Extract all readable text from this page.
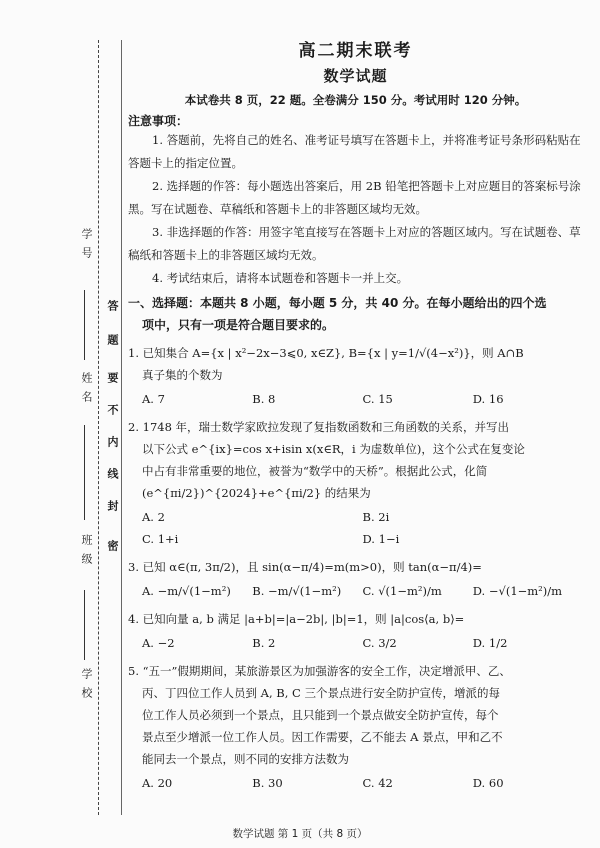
学号
姓名
班级
学校
答
题
要
不
内
线
封
密
高二期末联考
数学试题
本试卷共 8 页，22 题。全卷满分 150 分。考试用时 120 分钟。
注意事项：

1. 答题前，先将自己的姓名、准考证号填写在答题卡上，并将准考证号条形码粘贴在答题卡上的指定位置。

2. 选择题的作答：每小题选出答案后，用 2B 铅笔把答题卡上对应题目的答案标号涂黑。写在试题卷、草稿纸和答题卡上的非答题区域均无效。

3. 非选择题的作答：用签字笔直接写在答题卡上对应的答题区域内。写在试题卷、草稿纸和答题卡上的非答题区域均无效。

4. 考试结束后，请将本试题卷和答题卡一并上交。

一、选择题：本题共 8 小题，每小题 5 分，共 40 分。在每小题给出的四个选
项中，只有一项是符合题目要求的。

1. 已知集合 A={x | x²−2x−3⩽0, x∈Z}, B={x | y=1/√(4−x²)}，则 A∩B

真子集的个数为

A. 7	B. 8	C. 15	D. 16

2. 1748 年，瑞士数学家欧拉发现了复指数函数和三角函数的关系，并写出

以下公式 e^{ix}=cos x+isin x(x∈R，i 为虚数单位)，这个公式在复变论

中占有非常重要的地位，被誉为“数学中的天桥”。根据此公式，化简

(e^{πi/2})^{2024}+e^{πi/2} 的结果为

A. 2	B. 2i
C. 1+i	D. 1−i

3. 已知 α∈(π, 3π/2)，且 sin(α−π/4)=m(m>0)，则 tan(α−π/4)=

A. −m/√(1−m²)	B. −m/√(1−m²)	C. √(1−m²)/m	D. −√(1−m²)/m

4. 已知向量 a, b 满足 |a+b|=|a−2b|, |b|=1，则 |a|cos⟨a, b⟩=

A. −2	B. 2	C. 3/2	D. 1/2

5. “五一”假期期间，某旅游景区为加强游客的安全工作，决定增派甲、乙、

丙、丁四位工作人员到 A, B, C 三个景点进行安全防护宣传，增派的每

位工作人员必须到一个景点，且只能到一个景点做安全防护宣传，每个

景点至少增派一位工作人员。因工作需要，乙不能去 A 景点，甲和乙不

能同去一个景点，则不同的安排方法数为

A. 20	B. 30	C. 42	D. 60
数学试题 第 1 页（共 8 页）
